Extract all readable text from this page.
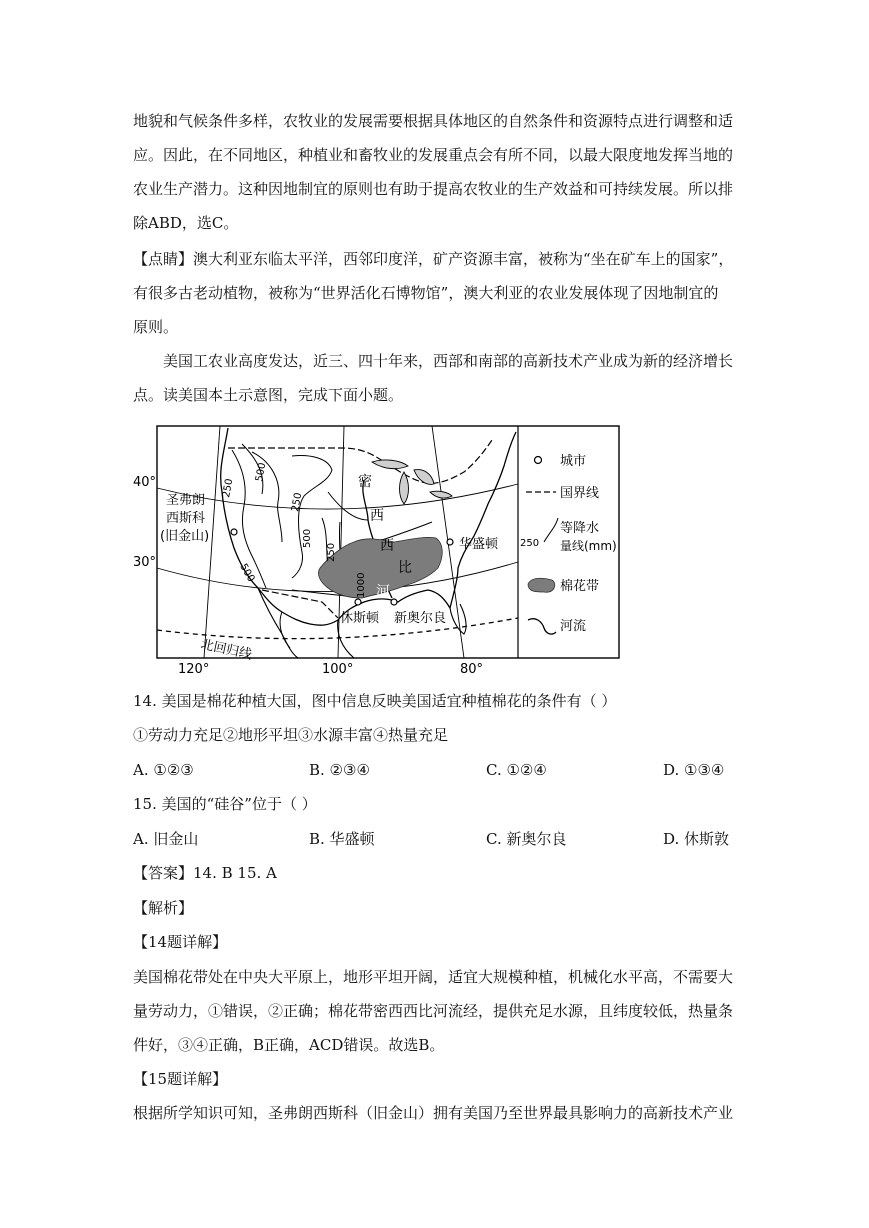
地貌和气候条件多样，农牧业的发展需要根据具体地区的自然条件和资源特点进行调整和适
应。因此，在不同地区，种植业和畜牧业的发展重点会有所不同，以最大限度地发挥当地的
农业生产潜力。这种因地制宜的原则也有助于提高农牧业的生产效益和可持续发展。所以排
除ABD，选C。
【点睛】澳大利亚东临太平洋，西邻印度洋，矿产资源丰富，被称为“坐在矿车上的国家”，
有很多古老动植物，被称为“世界活化石博物馆”，澳大利亚的农业发展体现了因地制宜的
原则。
美国工农业高度发达，近三、四十年来，西部和南部的高新技术产业成为新的经济增长
点。读美国本土示意图，完成下面小题。
40°
30°
120°	100°	80°
圣弗朗
西斯科
(旧金山)
250
500
500
250
500
250
1000
密
西
西
比
河
华盛顿
休斯顿 新奥尔良
北回归线
城市
国界线
250
等降水
量线(mm)
棉花带
河流
14. 美国是棉花种植大国，图中信息反映美国适宜种植棉花的条件有（ ）
①劳动力充足②地形平坦③水源丰富④热量充足
A. ①②③	B. ②③④	C. ①②④	D. ①③④
15. 美国的“硅谷”位于（ ）
A. 旧金山	B. 华盛顿	C. 新奥尔良	D. 休斯敦
【答案】14. B 15. A
【解析】
【14题详解】
美国棉花带处在中央大平原上，地形平坦开阔，适宜大规模种植，机械化水平高，不需要大
量劳动力，①错误，②正确；棉花带密西西比河流经，提供充足水源，且纬度较低，热量条
件好，③④正确，B正确，ACD错误。故选B。
【15题详解】
根据所学知识可知，圣弗朗西斯科（旧金山）拥有美国乃至世界最具影响力的高新技术产业
